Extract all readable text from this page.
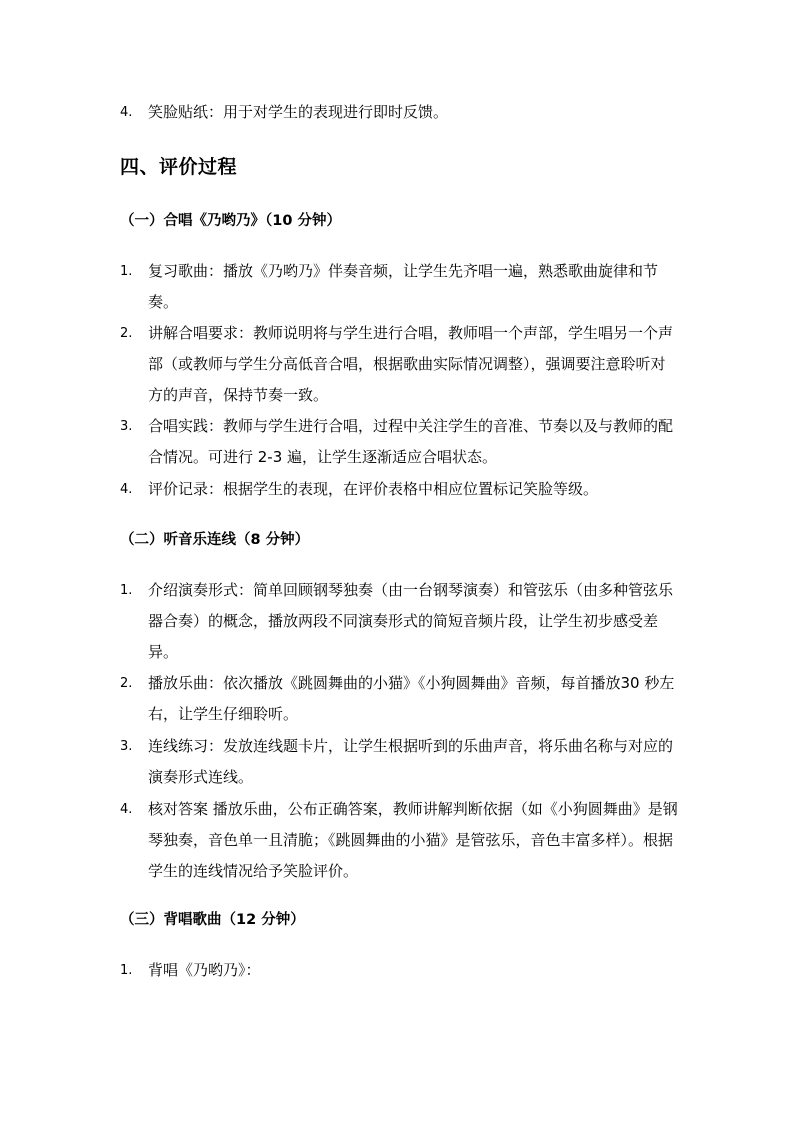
4.	笑脸贴纸：用于对学生的表现进行即时反馈。
四、评价过程
（一）合唱《乃哟乃》（10 分钟）
1.	复习歌曲：播放《乃哟乃》伴奏音频，让学生先齐唱一遍，熟悉歌曲旋律和节奏。
2.	讲解合唱要求：教师说明将与学生进行合唱，教师唱一个声部，学生唱另一个声部（或教师与学生分高低音合唱，根据歌曲实际情况调整），强调要注意聆听对方的声音，保持节奏一致。
3.	合唱实践：教师与学生进行合唱，过程中关注学生的音准、节奏以及与教师的配合情况。可进行 2-3 遍，让学生逐渐适应合唱状态。
4.	评价记录：根据学生的表现，在评价表格中相应位置标记笑脸等级。
（二）听音乐连线（8 分钟）
1.	介绍演奏形式：简单回顾钢琴独奏（由一台钢琴演奏）和管弦乐（由多种管弦乐器合奏）的概念，播放两段不同演奏形式的简短音频片段，让学生初步感受差异。
2.	播放乐曲：依次播放《跳圆舞曲的小猫》《小狗圆舞曲》音频，每首播放30 秒左右，让学生仔细聆听。
3.	连线练习：发放连线题卡片，让学生根据听到的乐曲声音，将乐曲名称与对应的演奏形式连线。
4.	核对答案 播放乐曲，公布正确答案，教师讲解判断依据（如《小狗圆舞曲》是钢琴独奏，音色单一且清脆；《跳圆舞曲的小猫》是管弦乐，音色丰富多样）。根据学生的连线情况给予笑脸评价。
（三）背唱歌曲（12 分钟）
1.	背唱《乃哟乃》：
